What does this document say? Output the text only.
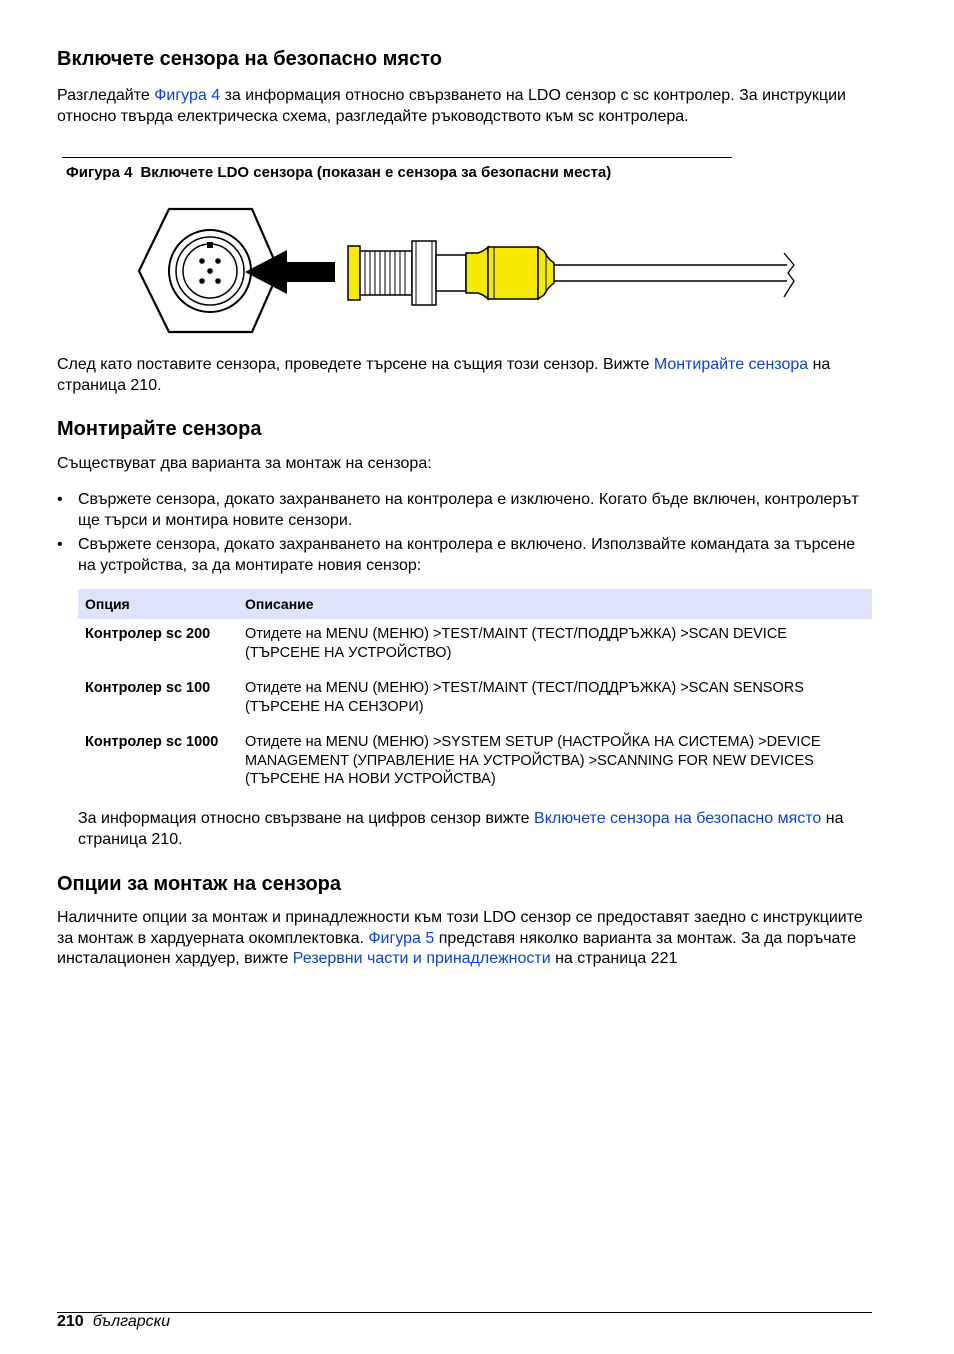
Включете сензора на безопасно място

Разгледайте Фигура 4 за информация относно свързването на LDO сензор с sc контролер. За инструкции относно твърда електрическа схема, разгледайте ръководството към sc контролера.

Фигура 4 Включете LDO сензора (показан е сензора за безопасни места)

След като поставите сензора, проведете търсене на същия този сензор. Вижте Монтирайте сензора на страница 210.

Монтирайте сензора

Съществуват два варианта за монтаж на сензора:

• Свържете сензора, докато захранването на контролера е изключено. Когато бъде включен, контролерът ще търси и монтира новите сензори.
• Свържете сензора, докато захранването на контролера е включено. Използвайте командата за търсене на устройства, за да монтирате новия сензор:
Опция	Описание
Контролер sc 200	Отидете на MENU (МЕНЮ) >TEST/MAINT (ТЕСТ/ПОДДРЪЖКА) >SCAN DEVICE (ТЪРСЕНЕ НА УСТРОЙСТВО)
Контролер sc 100	Отидете на MENU (МЕНЮ) >TEST/MAINT (ТЕСТ/ПОДДРЪЖКА) >SCAN SENSORS (ТЪРСЕНЕ НА СЕНЗОРИ)
Контролер sc 1000	Отидете на MENU (МЕНЮ) >SYSTEM SETUP (НАСТРОЙКА НА СИСТЕМА) >DEVICE MANAGEMENT (УПРАВЛЕНИЕ НА УСТРОЙСТВА) >SCANNING FOR NEW DEVICES (ТЪРСЕНЕ НА НОВИ УСТРОЙСТВА)

За информация относно свързване на цифров сензор вижте Включете сензора на безопасно място на страница 210.

Опции за монтаж на сензора

Наличните опции за монтаж и принадлежности към този LDO сензор се предоставят заедно с инструкциите за монтаж в хардуерната окомплектовка. Фигура 5 представя няколко варианта за монтаж. За да поръчате инсталационен хардуер, вижте Резервни части и принадлежности на страница 221

210 български
